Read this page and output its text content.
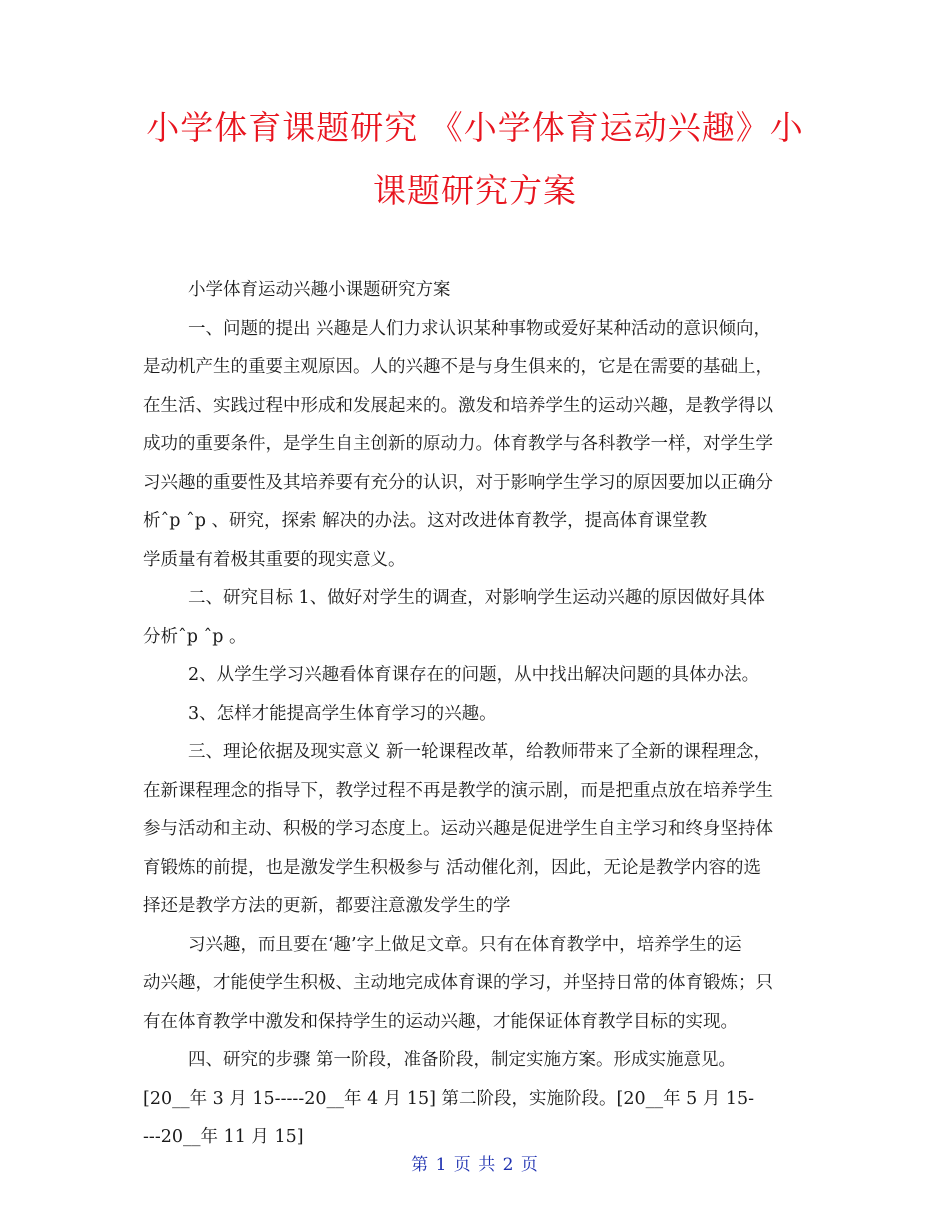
小学体育课题研究 《小学体育运动兴趣》小
课题研究方案
小学体育运动兴趣小课题研究方案
一、问题的提出 兴趣是人们力求认识某种事物或爱好某种活动的意识倾向，
是动机产生的重要主观原因。人的兴趣不是与身生俱来的，它是在需要的基础上，
在生活、实践过程中形成和发展起来的。激发和培养学生的运动兴趣，是教学得以
成功的重要条件，是学生自主创新的原动力。体育教学与各科教学一样，对学生学
习兴趣的重要性及其培养要有充分的认识，对于影响学生学习的原因要加以正确分
析ˆp ˆp 、研究，探索 解决的办法。这对改进体育教学，提高体育课堂教
学质量有着极其重要的现实意义。
二、研究目标 1、做好对学生的调查，对影响学生运动兴趣的原因做好具体
分析ˆp ˆp 。
2、从学生学习兴趣看体育课存在的问题，从中找出解决问题的具体办法。
3、怎样才能提高学生体育学习的兴趣。
三、理论依据及现实意义 新一轮课程改革，给教师带来了全新的课程理念，
在新课程理念的指导下，教学过程不再是教学的演示剧，而是把重点放在培养学生
参与活动和主动、积极的学习态度上。运动兴趣是促进学生自主学习和终身坚持体
育锻炼的前提，也是激发学生积极参与 活动催化剂，因此，无论是教学内容的选
择还是教学方法的更新，都要注意激发学生的学
习兴趣，而且要在‘趣’字上做足文章。只有在体育教学中，培养学生的运
动兴趣，才能使学生积极、主动地完成体育课的学习，并坚持日常的体育锻炼；只
有在体育教学中激发和保持学生的运动兴趣，才能保证体育教学目标的实现。
四、研究的步骤 第一阶段，准备阶段，制定实施方案。形成实施意见。
[20__年 3 月 15-----20__年 4 月 15] 第二阶段，实施阶段。[20__年 5 月 15-
---20__年 11 月 15]
第 1 页 共 2 页
